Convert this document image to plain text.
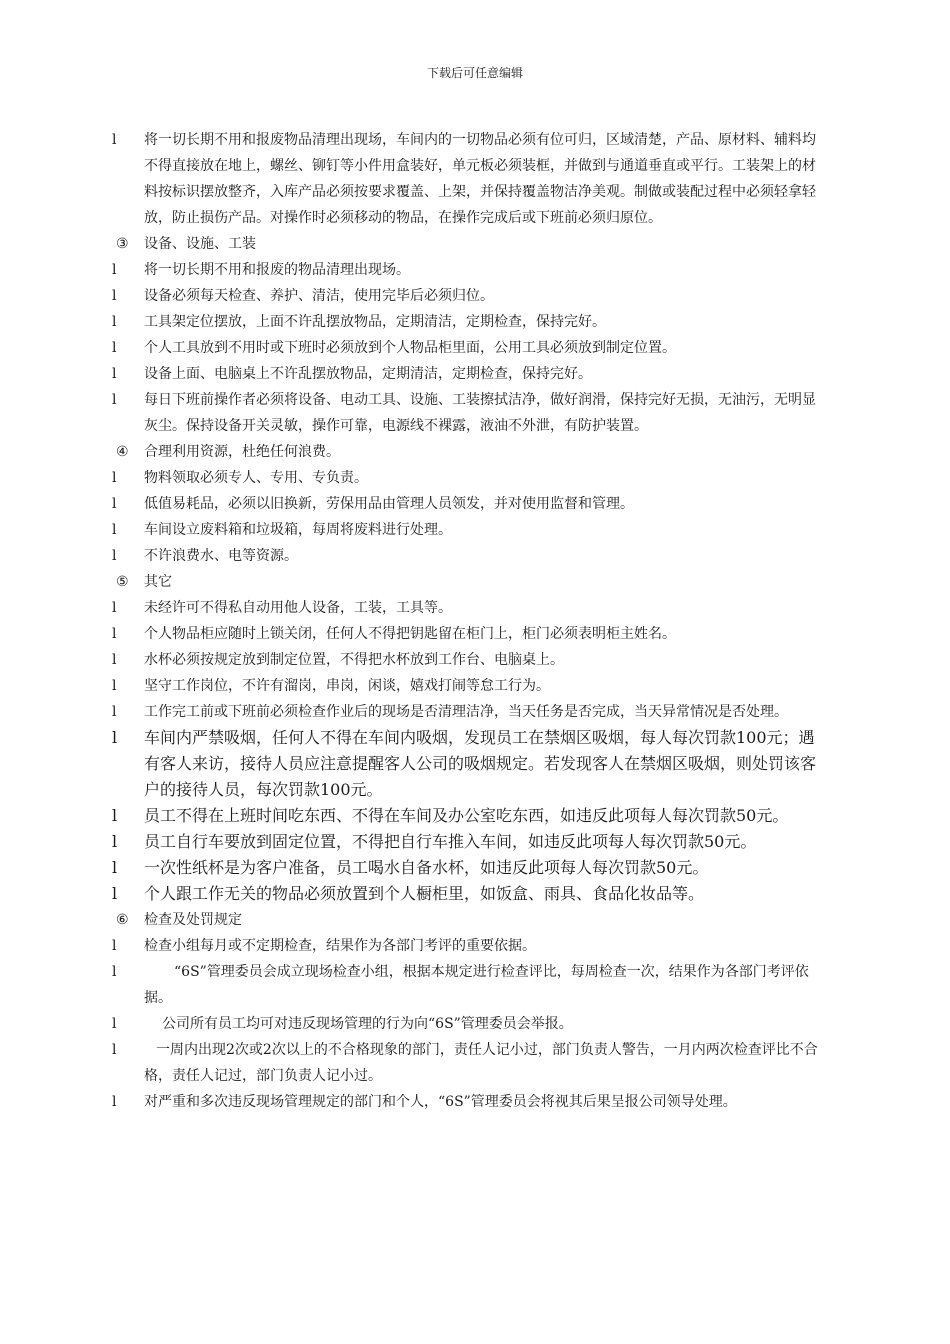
下载后可任意编辑
l	将一切长期不用和报废物品清理出现场，车间内的一切物品必须有位可归，区域清楚，产品、原材料、辅料均不得直接放在地上，螺丝、铆钉等小件用盒装好，单元板必须装框，并做到与通道垂直或平行。工装架上的材料按标识摆放整齐，入库产品必须按要求覆盖、上架，并保持覆盖物洁净美观。制做或装配过程中必须轻拿轻放，防止损伤产品。对操作时必须移动的物品，在操作完成后或下班前必须归原位。
③	设备、设施、工装
l	将一切长期不用和报废的物品清理出现场。
l	设备必须每天检查、养护、清洁，使用完毕后必须归位。
l	工具架定位摆放，上面不许乱摆放物品，定期清洁，定期检查，保持完好。
l	个人工具放到不用时或下班时必须放到个人物品柜里面，公用工具必须放到制定位置。
l	设备上面、电脑桌上不许乱摆放物品，定期清洁，定期检查，保持完好。
l	每日下班前操作者必须将设备、电动工具、设施、工装擦拭洁净，做好润滑，保持完好无损，无油污，无明显灰尘。保持设备开关灵敏，操作可靠，电源线不裸露，液油不外泄，有防护装置。
④	合理利用资源，杜绝任何浪费。
l	物料领取必须专人、专用、专负责。
l	低值易耗品，必须以旧换新，劳保用品由管理人员领发，并对使用监督和管理。
l	车间设立废料箱和垃圾箱，每周将废料进行处理。
l	不许浪费水、电等资源。
⑤	其它
l	未经许可不得私自动用他人设备，工装，工具等。
l	个人物品柜应随时上锁关闭，任何人不得把钥匙留在柜门上，柜门必须表明柜主姓名。
l	水杯必须按规定放到制定位置，不得把水杯放到工作台、电脑桌上。
l	坚守工作岗位，不许有溜岗，串岗，闲谈，嬉戏打闹等怠工行为。
l	工作完工前或下班前必须检查作业后的现场是否清理洁净，当天任务是否完成，当天异常情况是否处理。
l	车间内严禁吸烟，任何人不得在车间内吸烟，发现员工在禁烟区吸烟，每人每次罚款100元；遇有客人来访，接待人员应注意提醒客人公司的吸烟规定。若发现客人在禁烟区吸烟，则处罚该客户的接待人员，每次罚款100元。
l	员工不得在上班时间吃东西、不得在车间及办公室吃东西，如违反此项每人每次罚款50元。
l	员工自行车要放到固定位置，不得把自行车推入车间，如违反此项每人每次罚款50元。
l	一次性纸杯是为客户准备，员工喝水自备水杯，如违反此项每人每次罚款50元。
l	个人跟工作无关的物品必须放置到个人橱柜里，如饭盒、雨具、食品化妆品等。
⑥	检查及处罚规定
l	检查小组每月或不定期检查，结果作为各部门考评的重要依据。
l	“6S”管理委员会成立现场检查小组，根据本规定进行检查评比，每周检查一次，结果作为各部门考评依据。
l	公司所有员工均可对违反现场管理的行为向“6S”管理委员会举报。
l	一周内出现2次或2次以上的不合格现象的部门，责任人记小过，部门负责人警告，一月内两次检查评比不合格，责任人记过，部门负责人记小过。
l	对严重和多次违反现场管理规定的部门和个人，“6S”管理委员会将视其后果呈报公司领导处理。
